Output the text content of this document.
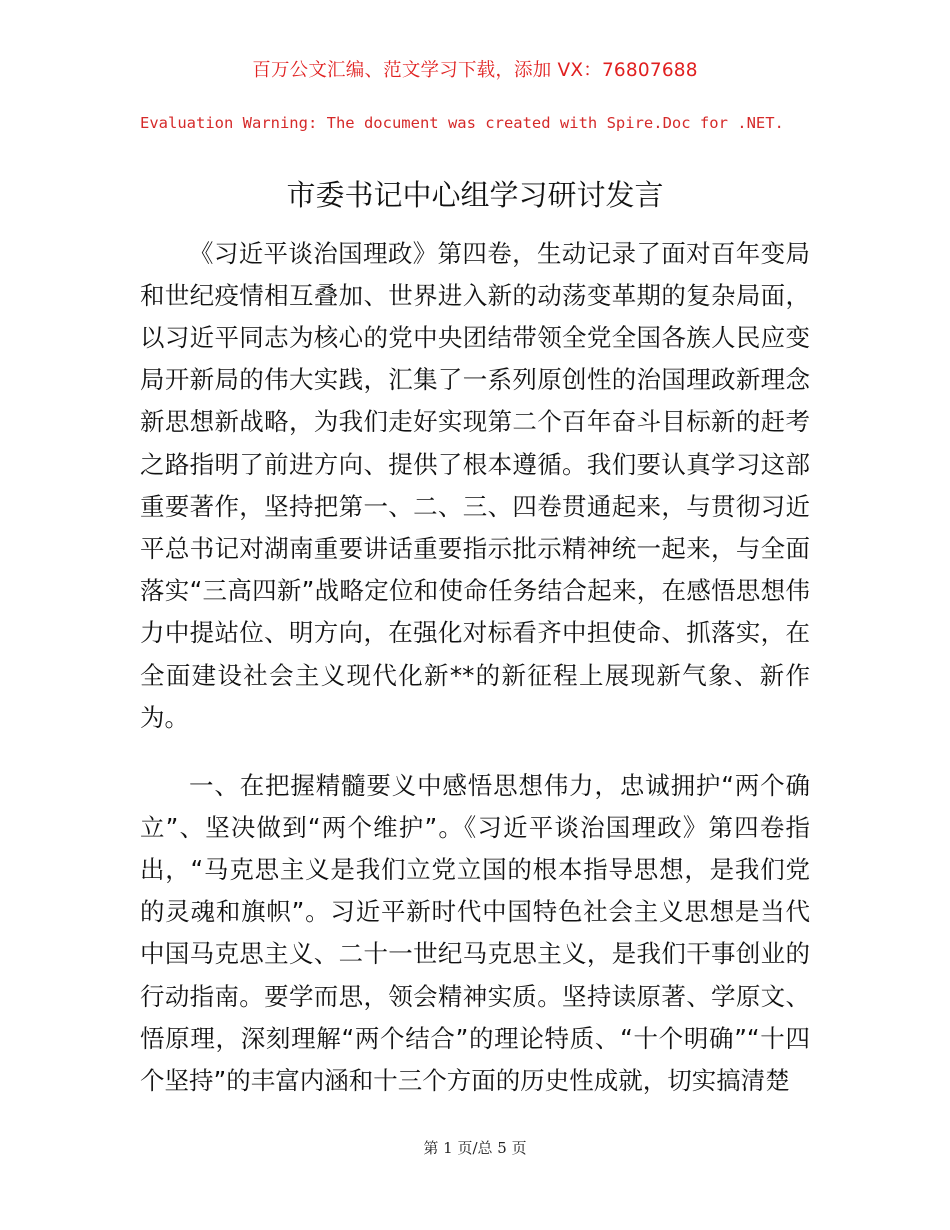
百万公文汇编、范文学习下载，添加 VX：76807688
Evaluation Warning: The document was created with Spire.Doc for .NET.
市委书记中心组学习研讨发言

《习近平谈治国理政》第四卷，生动记录了面对百年变局和世纪疫情相互叠加、世界进入新的动荡变革期的复杂局面，以习近平同志为核心的党中央团结带领全党全国各族人民应变局开新局的伟大实践，汇集了一系列原创性的治国理政新理念新思想新战略，为我们走好实现第二个百年奋斗目标新的赶考之路指明了前进方向、提供了根本遵循。我们要认真学习这部重要著作，坚持把第一、二、三、四卷贯通起来，与贯彻习近平总书记对湖南重要讲话重要指示批示精神统一起来，与全面落实“三高四新”战略定位和使命任务结合起来，在感悟思想伟力中提站位、明方向，在强化对标看齐中担使命、抓落实，在全面建设社会主义现代化新**的新征程上展现新气象、新作为。

一、在把握精髓要义中感悟思想伟力，忠诚拥护“两个确立”、坚决做到“两个维护”。《习近平谈治国理政》第四卷指出，“马克思主义是我们立党立国的根本指导思想，是我们党的灵魂和旗帜”。习近平新时代中国特色社会主义思想是当代中国马克思主义、二十一世纪马克思主义，是我们干事创业的行动指南。要学而思，领会精神实质。坚持读原著、学原文、悟原理，深刻理解“两个结合”的理论特质、“十个明确”“十四个坚持”的丰富内涵和十三个方面的历史性成就，切实搞清楚

第 1 页/总 5 页
